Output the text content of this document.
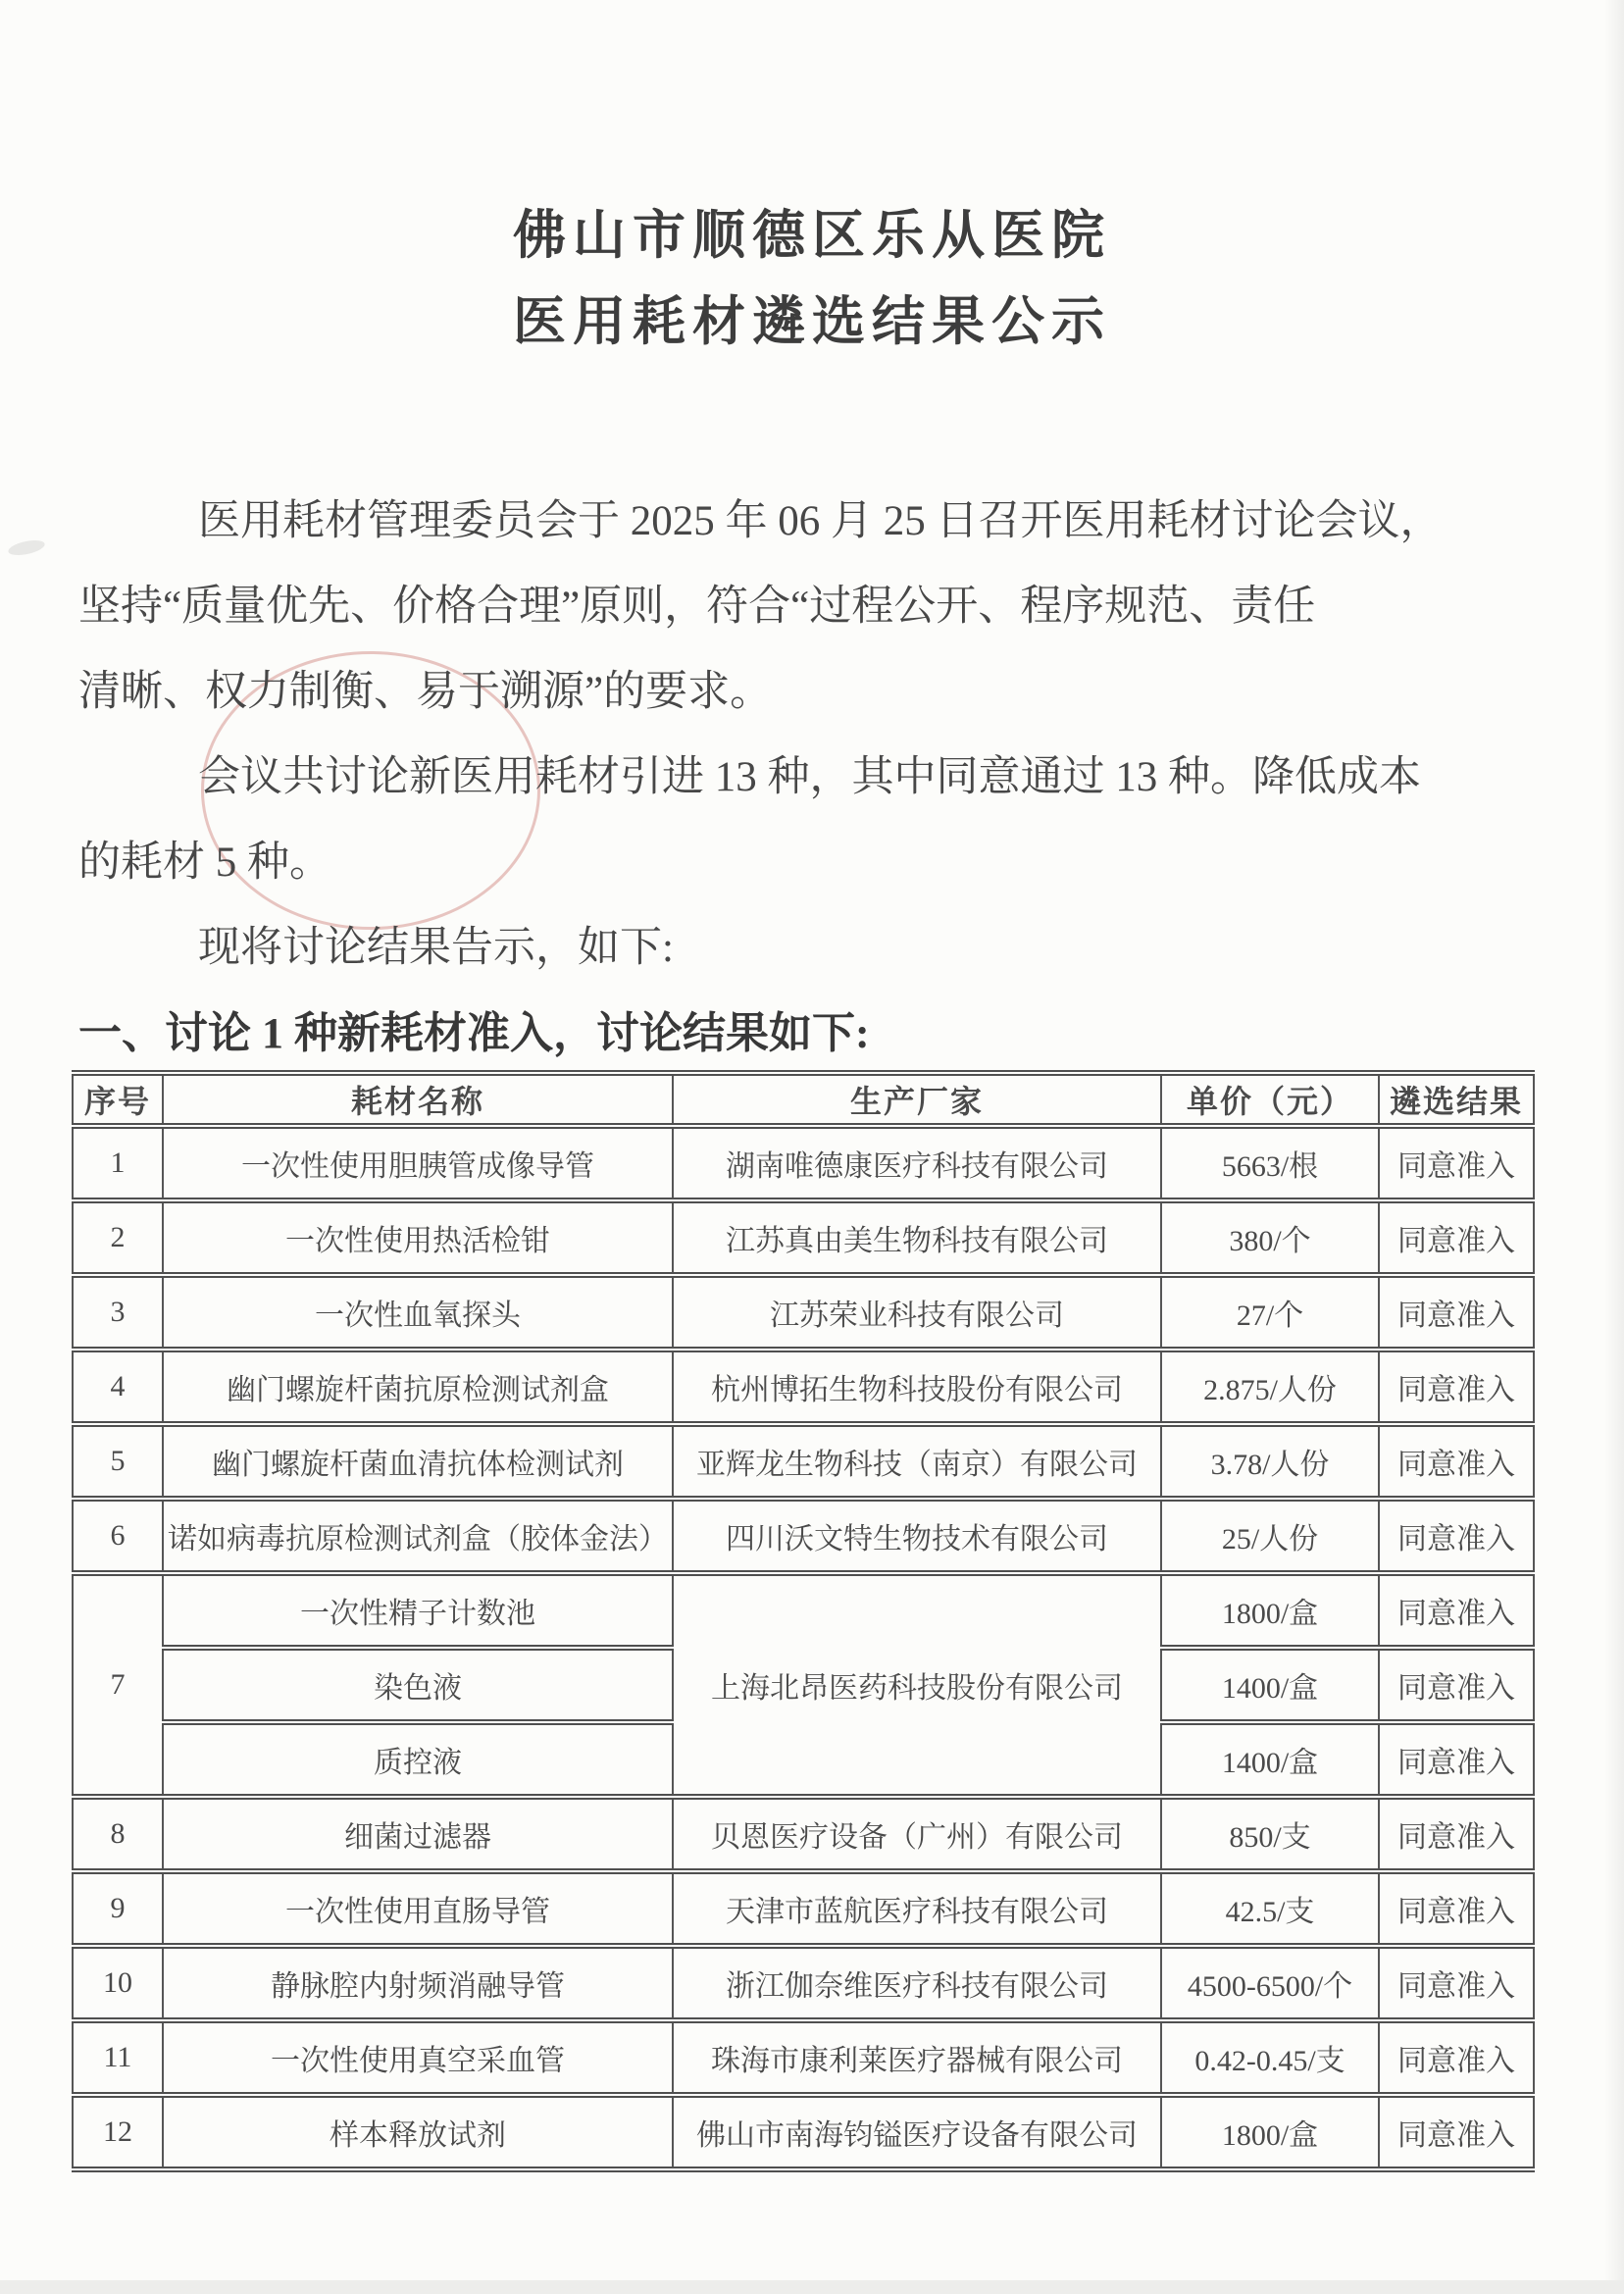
佛山市顺德区乐从医院
医用耗材遴选结果公示
医用耗材管理委员会于 2025 年 06 月 25 日召开医用耗材讨论会议，
坚持“质量优先、价格合理”原则，符合“过程公开、程序规范、责任
清晰、权力制衡、易于溯源”的要求。
会议共讨论新医用耗材引进 13 种，其中同意通过 13 种。降低成本
的耗材 5 种。
现将讨论结果告示，如下:
一、讨论 1 种新耗材准入，讨论结果如下:
序号	耗材名称	生产厂家	单价（元）	遴选结果
1	一次性使用胆胰管成像导管	湖南唯德康医疗科技有限公司	5663/根	同意准入
2	一次性使用热活检钳	江苏真由美生物科技有限公司	380/个	同意准入
3	一次性血氧探头	江苏荣业科技有限公司	27/个	同意准入
4	幽门螺旋杆菌抗原检测试剂盒	杭州博拓生物科技股份有限公司	2.875/人份	同意准入
5	幽门螺旋杆菌血清抗体检测试剂	亚辉龙生物科技（南京）有限公司	3.78/人份	同意准入
6	诺如病毒抗原检测试剂盒（胶体金法）	四川沃文特生物技术有限公司	25/人份	同意准入
7	一次性精子计数池	上海北昂医药科技股份有限公司	1800/盒	同意准入
	染色液		1400/盒	同意准入
	质控液		1400/盒	同意准入
8	细菌过滤器	贝恩医疗设备（广州）有限公司	850/支	同意准入
9	一次性使用直肠导管	天津市蓝航医疗科技有限公司	42.5/支	同意准入
10	静脉腔内射频消融导管	浙江伽奈维医疗科技有限公司	4500-6500/个	同意准入
11	一次性使用真空采血管	珠海市康利莱医疗器械有限公司	0.42-0.45/支	同意准入
12	样本释放试剂	佛山市南海钧镒医疗设备有限公司	1800/盒	同意准入
